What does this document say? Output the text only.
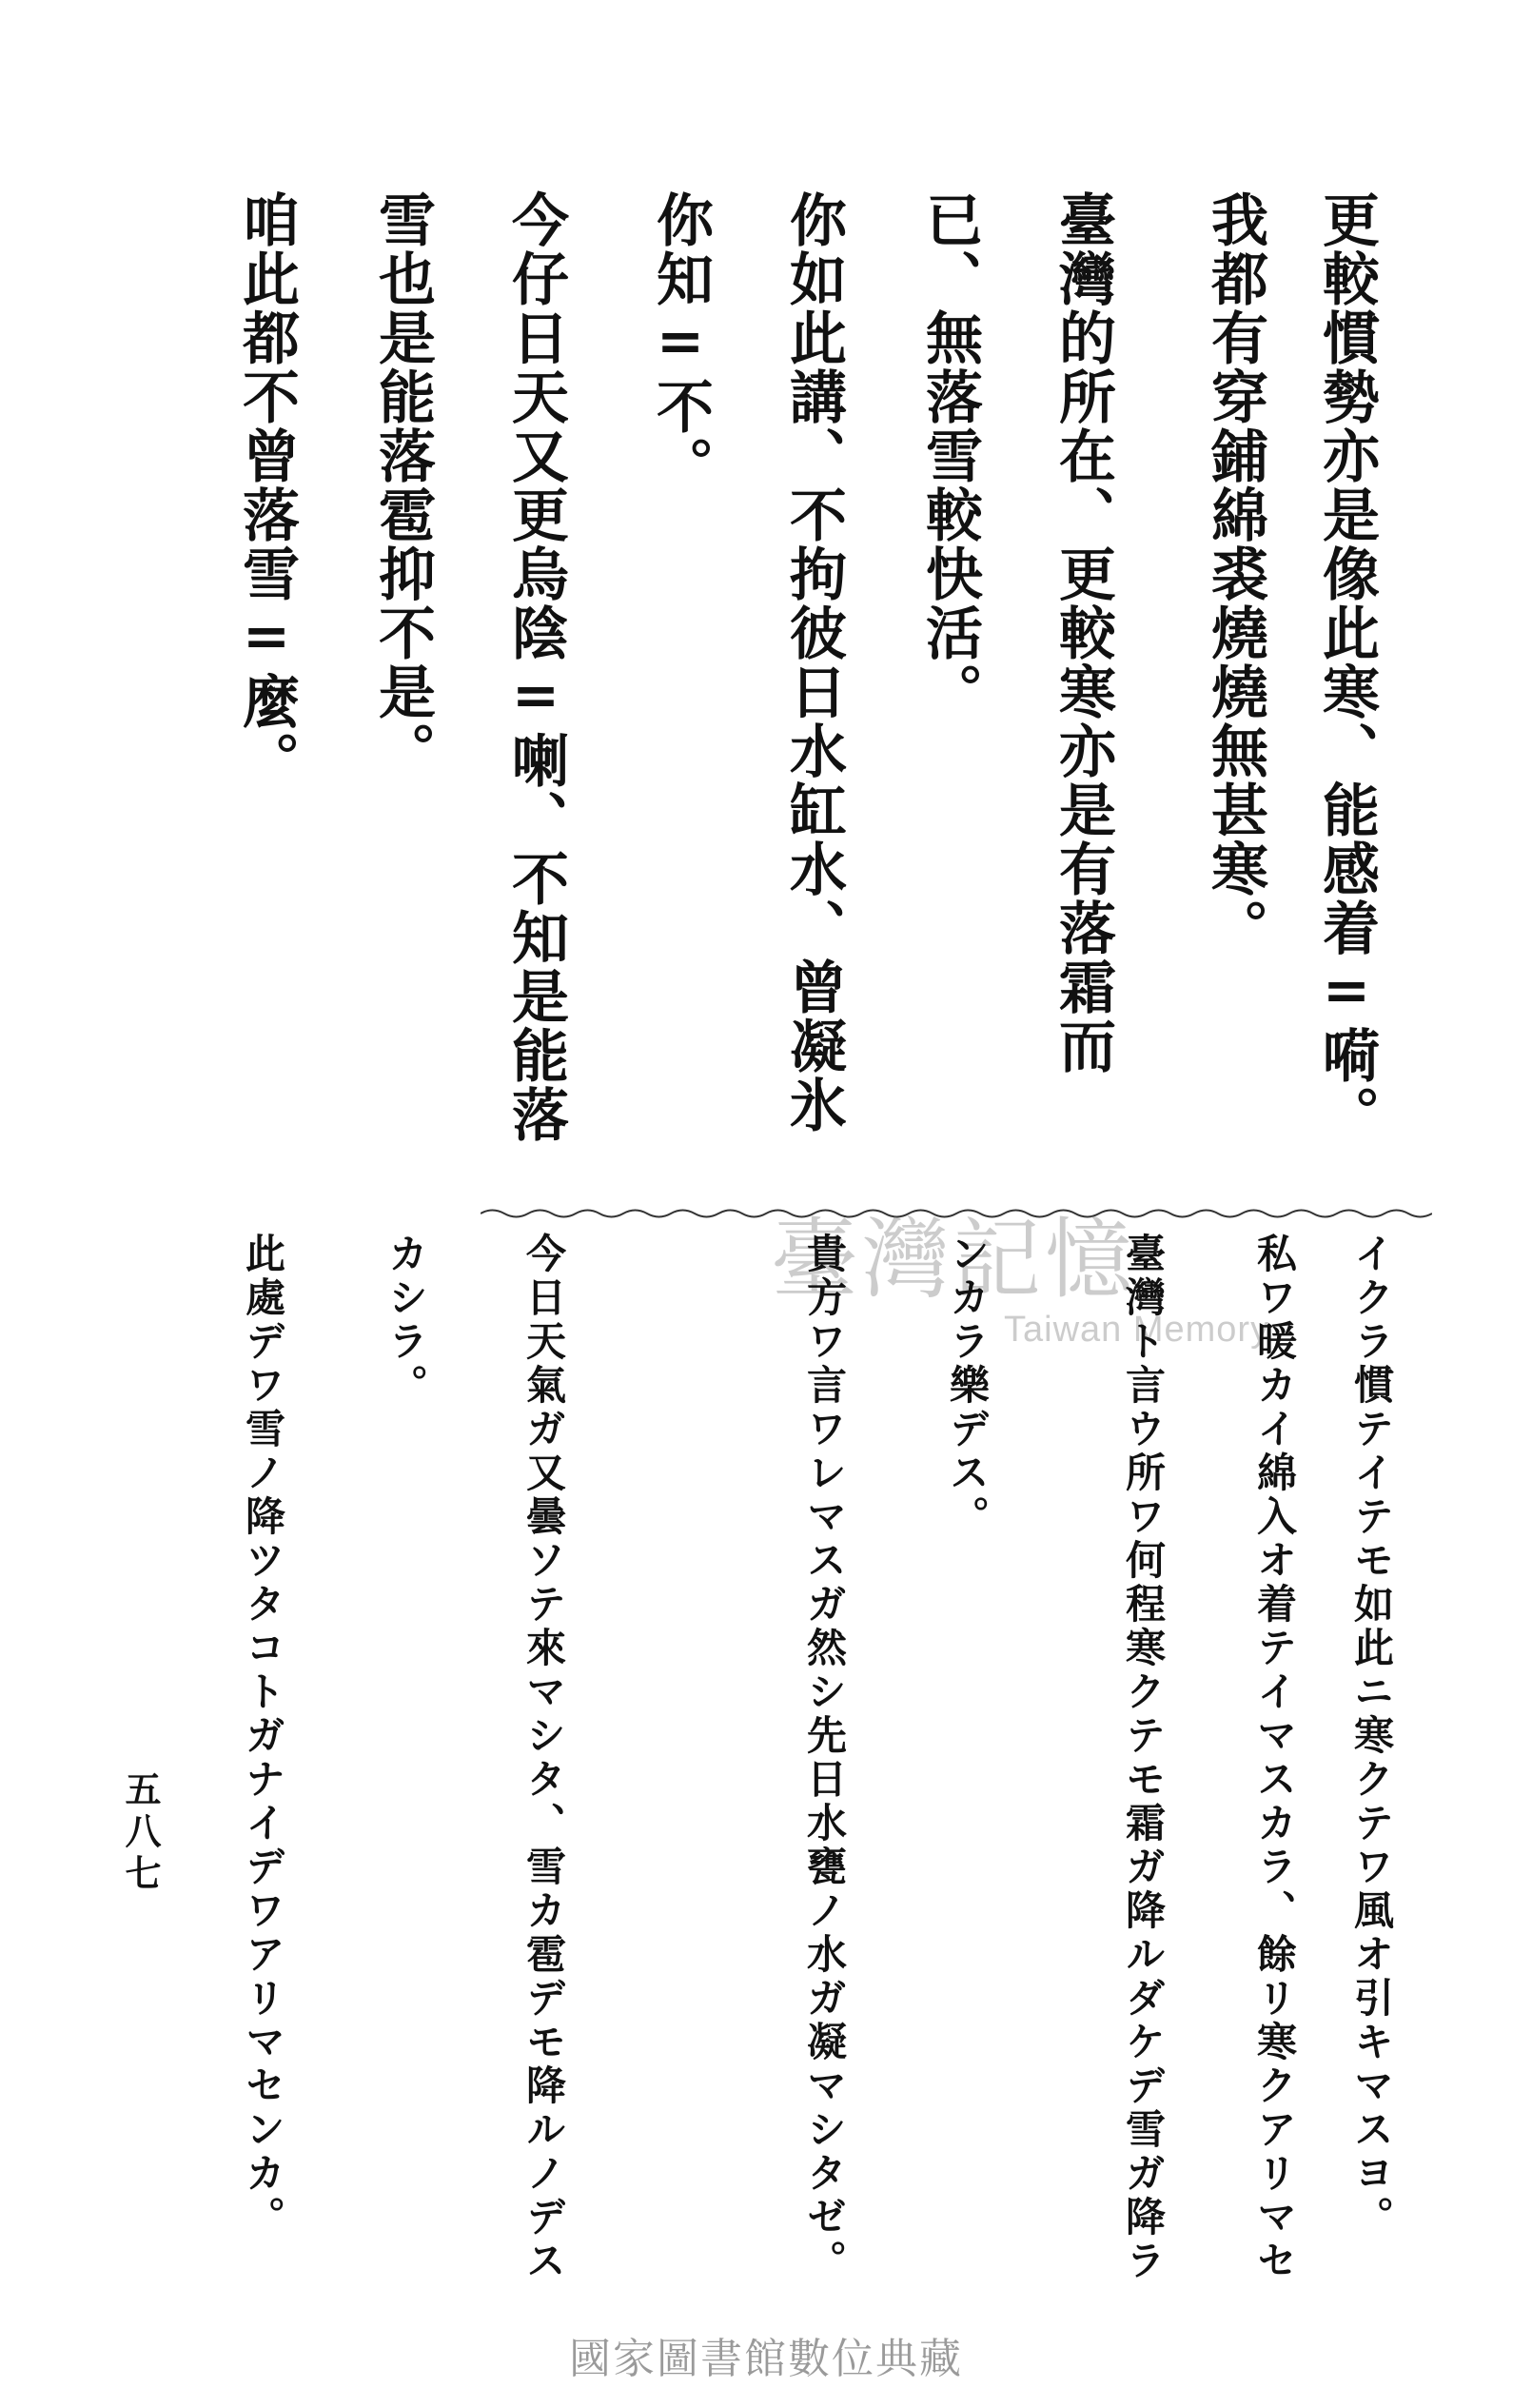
更較慣勢亦是像此寒、能感着=嗬。
我都有穿鋪綿裘燒燒無甚寒。
臺灣的所在、更較寒亦是有落霜而
已、無落雪較快活。
你如此講、不拘彼日水缸水、曾凝氷
你知=不。
今仔日天又更烏陰=喇、不知是能落
雪也是能落雹抑不是。
咱此都不曾落雪=麼。
臺灣記憶
Taiwan Memory イクラ慣テイテモ如此ニ寒クテワ風オ引キマスヨ。
私ワ暖カイ綿入オ着テイマスカラ、餘リ寒クアリマセ
臺灣ト言ウ所ワ何程寒クテモ霜ガ降ルダケデ雪ガ降ラ
ンカラ樂デス。
貴方ワ言ワレマスガ然シ先日水甕ノ水ガ凝マシタゼ。
今日天氣ガ又曇ソテ來マシタ、雪カ雹デモ降ルノデス
カシラ。
此處デワ雪ノ降ツタコトガナイデワアリマセンカ。
五八七
國家圖書館數位典藏
